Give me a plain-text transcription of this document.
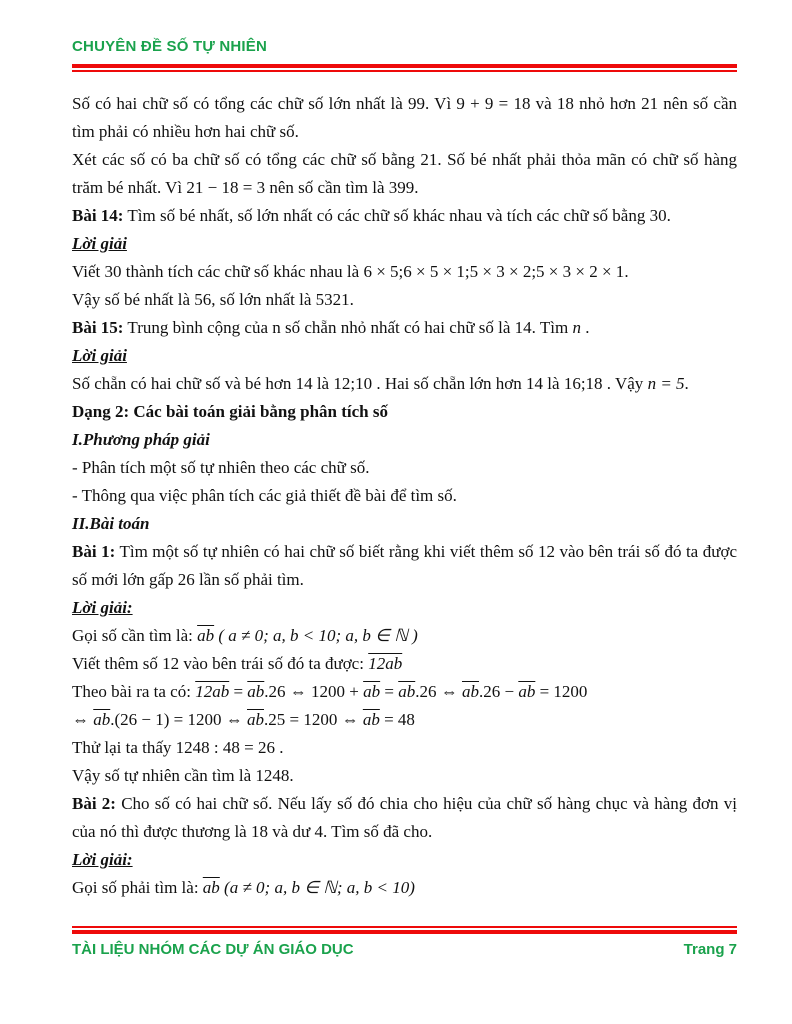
CHUYÊN ĐỀ SỐ TỰ NHIÊN

Số có hai chữ số có tổng các chữ số lớn nhất là 99. Vì 9 + 9 = 18 và 18 nhỏ hơn 21 nên số cần tìm phải có nhiều hơn hai chữ số.

Xét các số có ba chữ số có tổng các chữ số bằng 21. Số bé nhất phải thỏa mãn có chữ số hàng trăm bé nhất. Vì 21 − 18 = 3 nên số cần tìm là 399.

Bài 14: Tìm số bé nhất, số lớn nhất có các chữ số khác nhau và tích các chữ số bằng 30.

Lời giải

Viết 30 thành tích các chữ số khác nhau là 6 × 5;6 × 5 × 1;5 × 3 × 2;5 × 3 × 2 × 1.

Vậy số bé nhất là 56, số lớn nhất là 5321.

Bài 15: Trung bình cộng của n số chẵn nhỏ nhất có hai chữ số là 14. Tìm n .

Lời giải

Số chẵn có hai chữ số và bé hơn 14 là 12;10 . Hai số chẵn lớn hơn 14 là 16;18 . Vậy n = 5.

Dạng 2: Các bài toán giải bằng phân tích số

I.Phương pháp giải

- Phân tích một số tự nhiên theo các chữ số.

- Thông qua việc phân tích các giả thiết đề bài để tìm số.

II.Bài toán

Bài 1: Tìm một số tự nhiên có hai chữ số biết rằng khi viết thêm số 12 vào bên trái số đó ta được số mới lớn gấp 26 lần số phải tìm.

Lời giải:

Gọi số cần tìm là: $\overline{ab}$ ( a ≠ 0; a, b < 10; a, b ∈ ℕ )

Viết thêm số 12 vào bên trái số đó ta được: 12ab

Theo bài ra ta có: $12ab = \overline{ab}.26$ ⇔ $1200 + \overline{ab} = \overline{ab}.26$ ⇔ $\overline{ab}.26 - \overline{ab} = 1200$

⇔ $\overline{ab}.(26 - 1) = 1200$ ⇔ $\overline{ab}.25 = 1200$ ⇔ $\overline{ab} = 48$

Thử lại ta thấy 1248 : 48 = 26 .

Vậy số tự nhiên cần tìm là 1248.

Bài 2: Cho số có hai chữ số. Nếu lấy số đó chia cho hiệu của chữ số hàng chục và hàng đơn vị của nó thì được thương là 18 và dư 4. Tìm số đã cho.

Lời giải:

Gọi số phải tìm là: $\overline{ab}$ (a ≠ 0; a, b ∈ ℕ; a, b < 10)

TÀI LIỆU NHÓM CÁC DỰ ÁN GIÁO DỤC	Trang 7
